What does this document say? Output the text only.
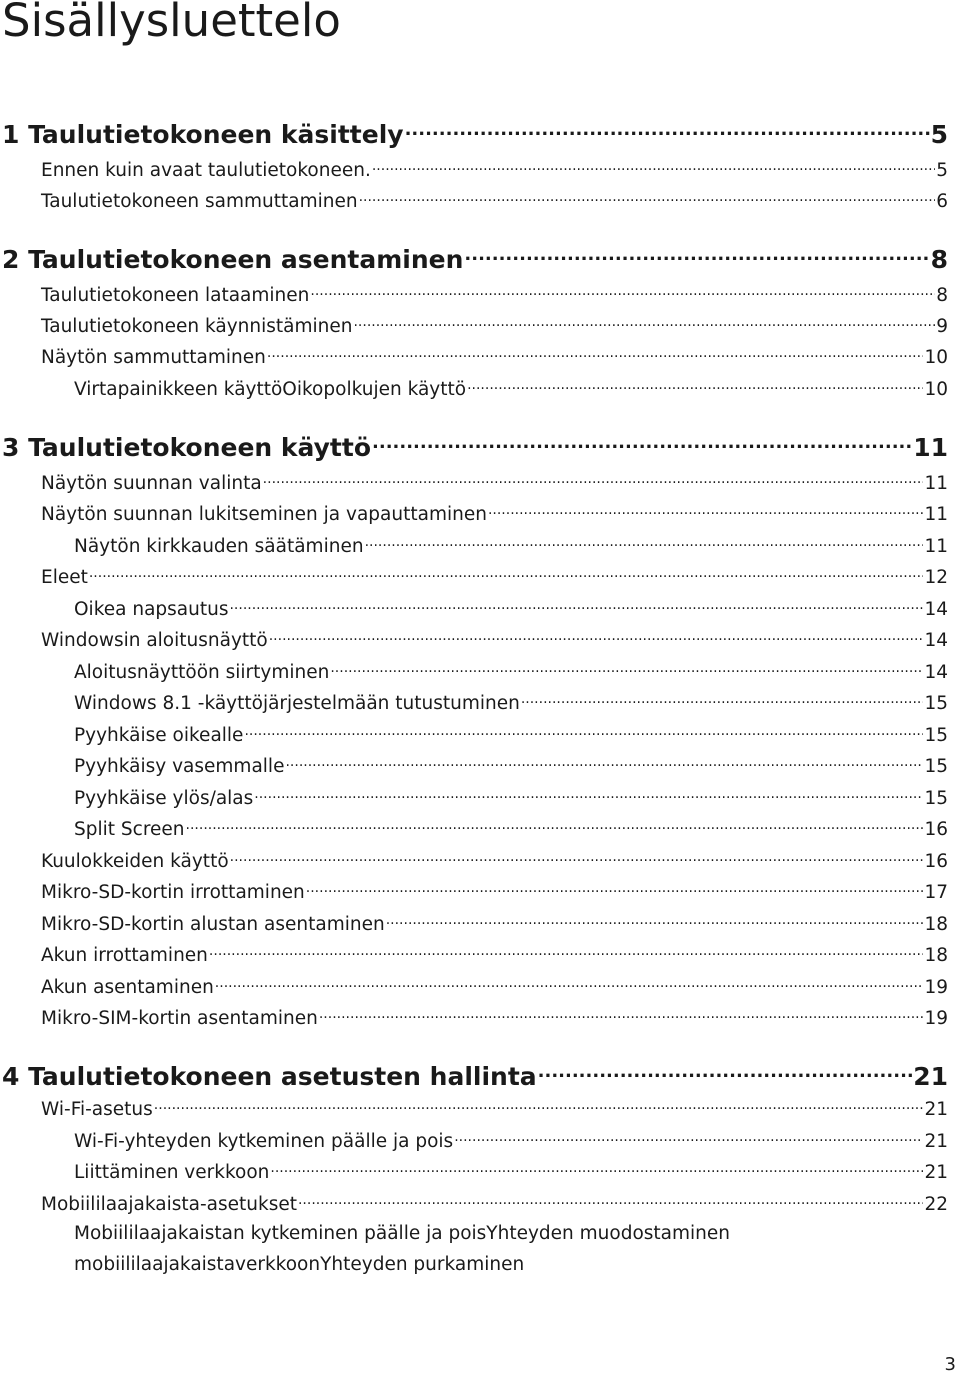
Sisällysluettelo
1 Taulutietokoneen käsittely .....	5
Ennen kuin avaat taulutietokoneen. .....	5
Taulutietokoneen sammuttaminen .....	6
2 Taulutietokoneen asentaminen .....	8
Taulutietokoneen lataaminen .....	8
Taulutietokoneen käynnistäminen .....	9
Näytön sammuttaminen .....	10
Virtapainikkeen käyttöOikopolkujen käyttö .....	10
3 Taulutietokoneen käyttö .....	11
Näytön suunnan valinta .....	11
Näytön suunnan lukitseminen ja vapauttaminen .....	11
Näytön kirkkauden säätäminen .....	11
Eleet .....	12
Oikea napsautus .....	14
Windowsin aloitusnäyttö .....	14
Aloitusnäyttöön siirtyminen .....	14
Windows 8.1 -käyttöjärjestelmään tutustuminen .....	15
Pyyhkäise oikealle .....	15
Pyyhkäisy vasemmalle .....	15
Pyyhkäise ylös/alas .....	15
Split Screen .....	16
Kuulokkeiden käyttö .....	16
Mikro-SD-kortin irrottaminen .....	17
Mikro-SD-kortin alustan asentaminen .....	18
Akun irrottaminen .....	18
Akun asentaminen .....	19
Mikro-SIM-kortin asentaminen .....	19
4 Taulutietokoneen asetusten hallinta .....	21
Wi-Fi-asetus .....	21
Wi-Fi-yhteyden kytkeminen päälle ja pois .....	21
Liittäminen verkkoon .....	21
Mobiililaajakaista-asetukset .....	22
Mobiililaajakaistan kytkeminen päälle ja poisYhteyden muodostaminen mobiililaajakaistaverkkoonYhteyden purkaminen
3
